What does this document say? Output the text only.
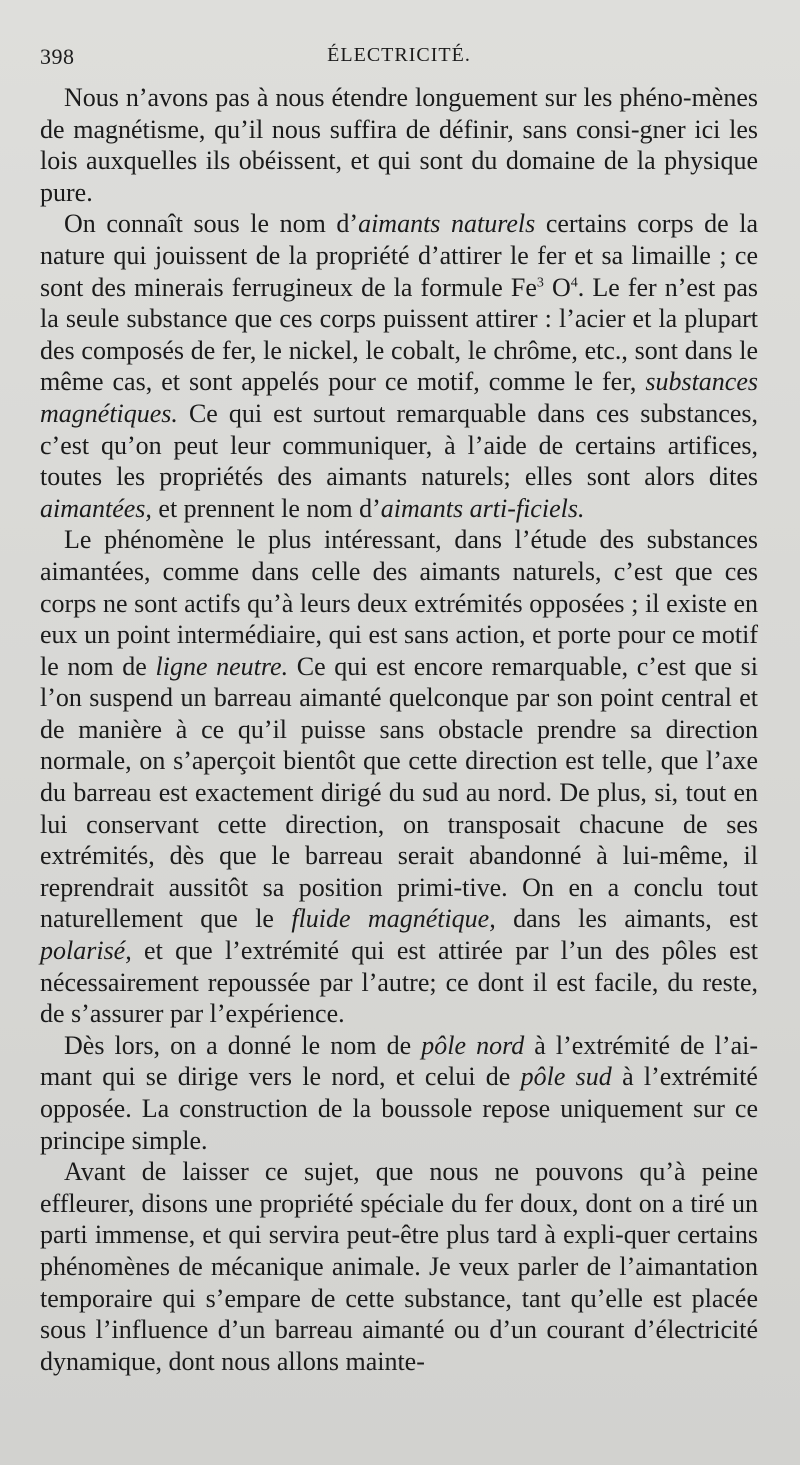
398	ÉLECTRICITÉ.

Nous n’avons pas à nous étendre longuement sur les phéno-mènes de magnétisme, qu’il nous suffira de définir, sans consi-gner ici les lois auxquelles ils obéissent, et qui sont du domaine de la physique pure.

On connaît sous le nom d’aimants naturels certains corps de la nature qui jouissent de la propriété d’attirer le fer et sa limaille ; ce sont des minerais ferrugineux de la formule Fe$^3$ $O^4$. Le fer n’est pas la seule substance que ces corps puissent attirer : l’acier et la plupart des composés de fer, le nickel, le cobalt, le chrôme, etc., sont dans le même cas, et sont appelés pour ce motif, comme le fer, substances magnétiques. Ce qui est surtout remarquable dans ces substances, c’est qu’on peut leur communiquer, à l’aide de certains artifices, toutes les propriétés des aimants naturels; elles sont alors dites aimantées, et prennent le nom d’aimants arti-ficiels.

Le phénomène le plus intéressant, dans l’étude des substances aimantées, comme dans celle des aimants naturels, c’est que ces corps ne sont actifs qu’à leurs deux extrémités opposées ; il existe en eux un point intermédiaire, qui est sans action, et porte pour ce motif le nom de ligne neutre. Ce qui est encore remarquable, c’est que si l’on suspend un barreau aimanté quelconque par son point central et de manière à ce qu’il puisse sans obstacle prendre sa direction normale, on s’aperçoit bientôt que cette direction est telle, que l’axe du barreau est exactement dirigé du sud au nord. De plus, si, tout en lui conservant cette direction, on transposait chacune de ses extrémités, dès que le barreau serait abandonné à lui-même, il reprendrait aussitôt sa position primi-tive. On en a conclu tout naturellement que le fluide magnétique, dans les aimants, est polarisé, et que l’extrémité qui est attirée par l’un des pôles est nécessairement repoussée par l’autre; ce dont il est facile, du reste, de s’assurer par l’expérience.

Dès lors, on a donné le nom de pôle nord à l’extrémité de l’ai-mant qui se dirige vers le nord, et celui de pôle sud à l’extrémité opposée. La construction de la boussole repose uniquement sur ce principe simple.

Avant de laisser ce sujet, que nous ne pouvons qu’à peine effleurer, disons une propriété spéciale du fer doux, dont on a tiré un parti immense, et qui servira peut-être plus tard à expli-quer certains phénomènes de mécanique animale. Je veux parler de l’aimantation temporaire qui s’empare de cette substance, tant qu’elle est placée sous l’influence d’un barreau aimanté ou d’un courant d’électricité dynamique, dont nous allons mainte-
